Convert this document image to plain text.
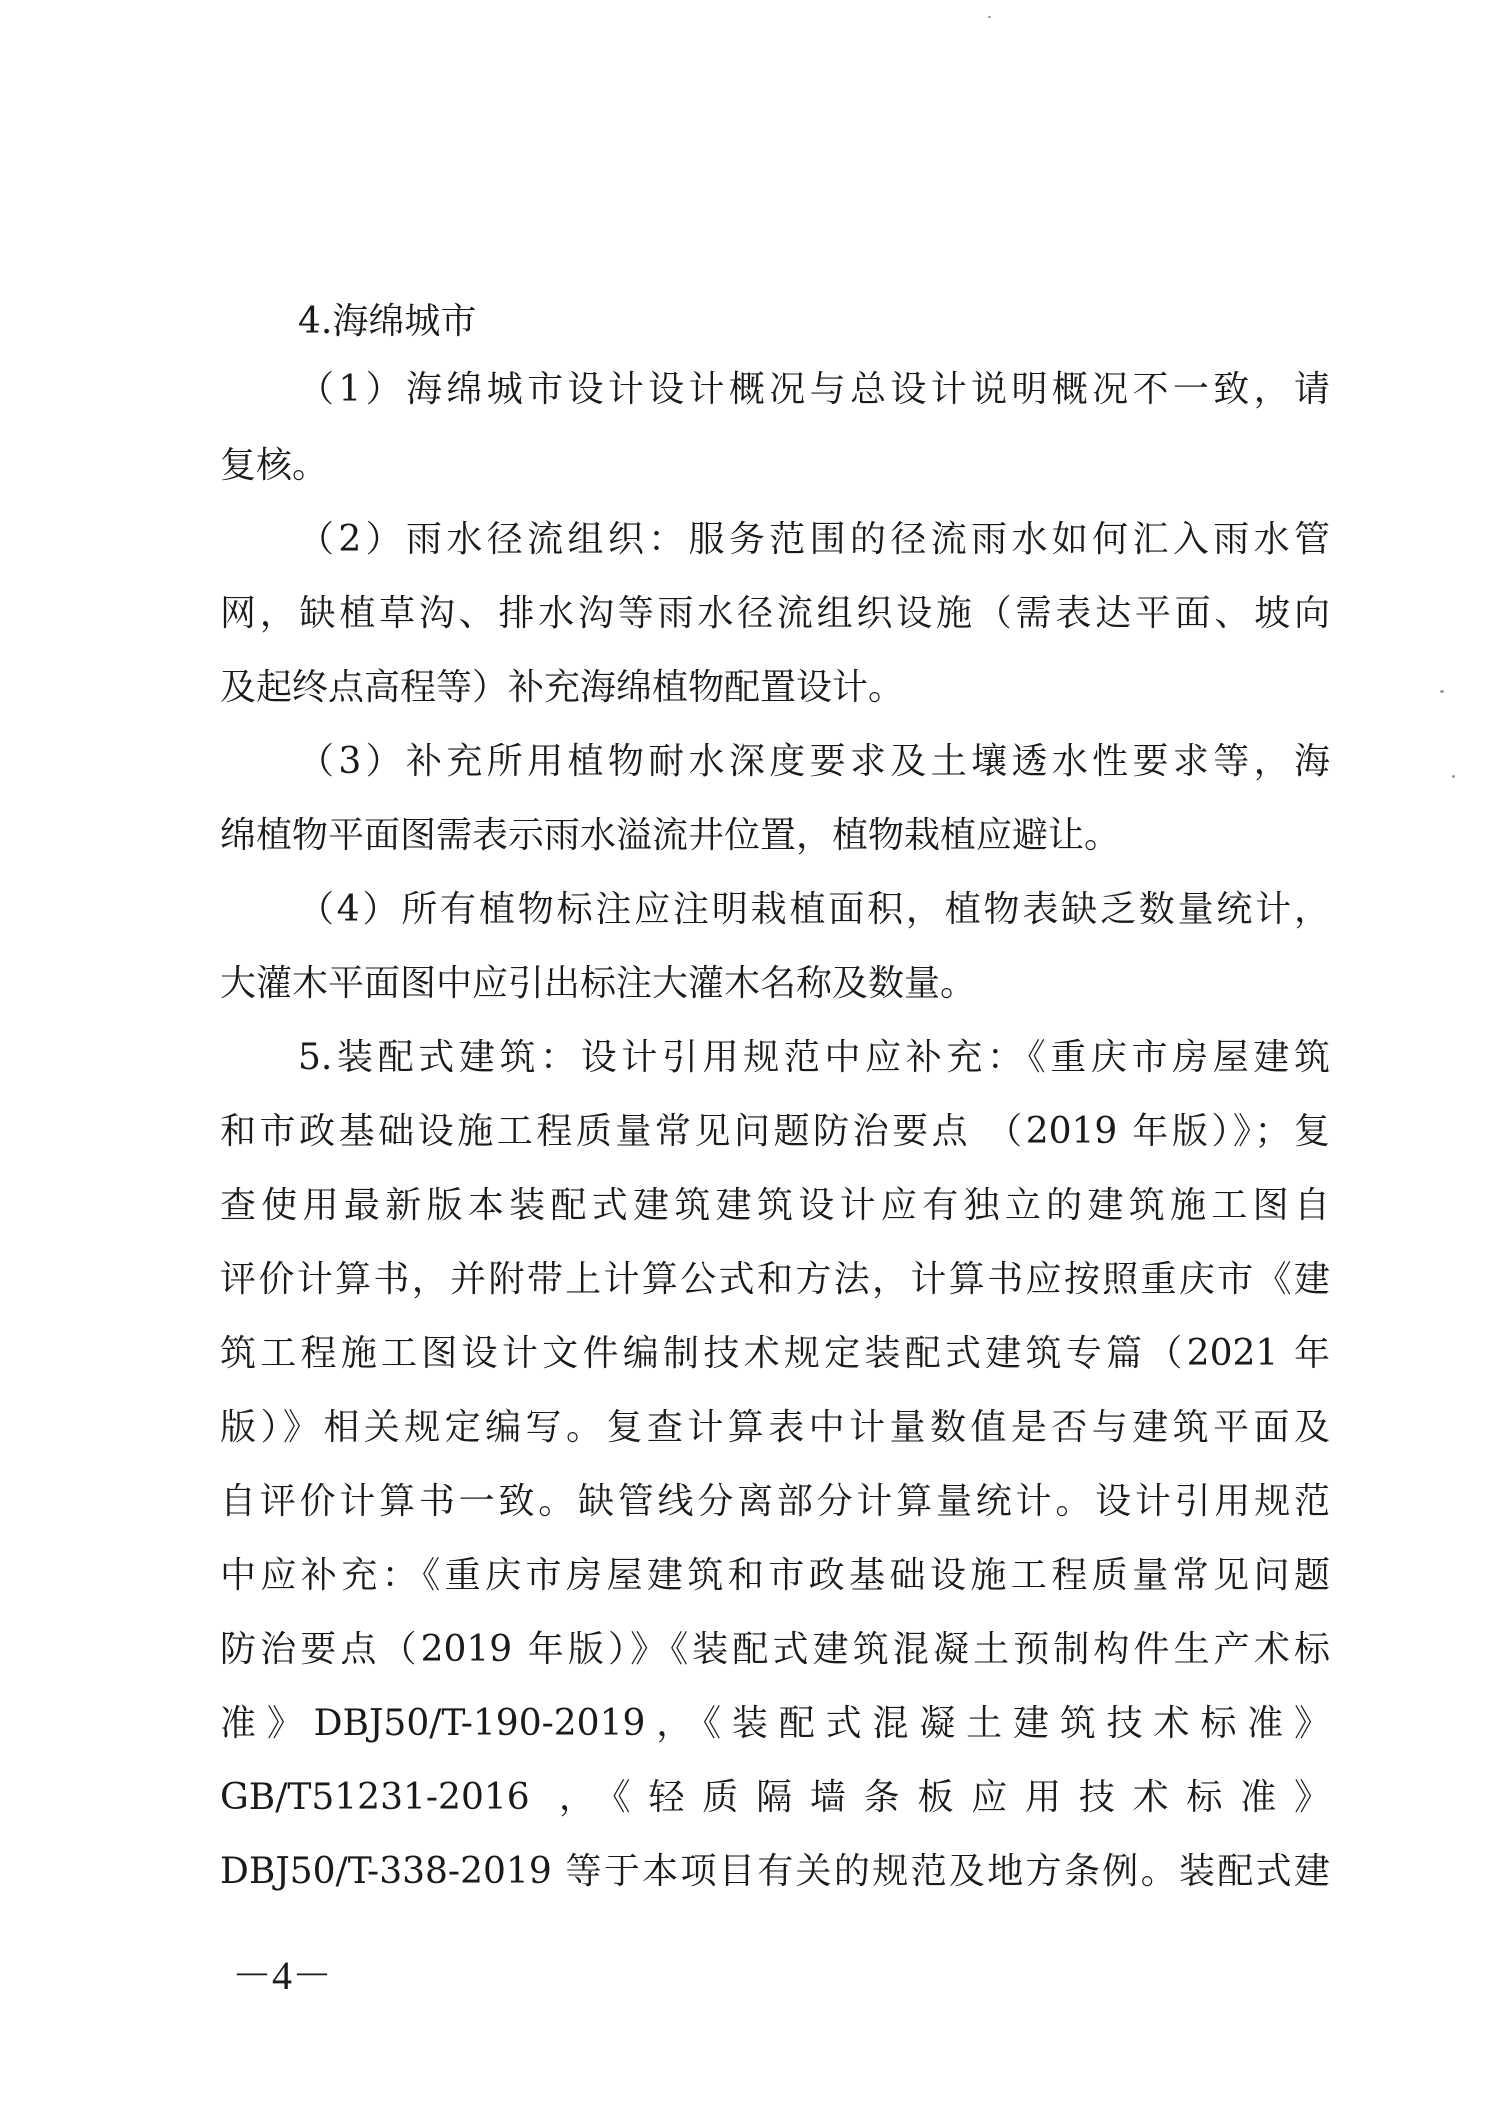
4.海绵城市
（1）海绵城市设计设计概况与总设计说明概况不一致，请
复核。
（2）雨水径流组织：服务范围的径流雨水如何汇入雨水管
网，缺植草沟、排水沟等雨水径流组织设施（需表达平面、坡向
及起终点高程等）补充海绵植物配置设计。
（3）补充所用植物耐水深度要求及土壤透水性要求等，海
绵植物平面图需表示雨水溢流井位置，植物栽植应避让。
（4）所有植物标注应注明栽植面积，植物表缺乏数量统计，
大灌木平面图中应引出标注大灌木名称及数量。
5.装配式建筑：设计引用规范中应补充：《重庆市房屋建筑
和市政基础设施工程质量常见问题防治要点 （2019 年版）》；复
查使用最新版本装配式建筑建筑设计应有独立的建筑施工图自
评价计算书，并附带上计算公式和方法，计算书应按照重庆市《建
筑工程施工图设计文件编制技术规定装配式建筑专篇（2021 年
版）》相关规定编写。复查计算表中计量数值是否与建筑平面及
自评价计算书一致。缺管线分离部分计算量统计。设计引用规范
中应补充：《重庆市房屋建筑和市政基础设施工程质量常见问题
防治要点（2019 年版）》《装配式建筑混凝土预制构件生产术标
准》DBJ50/T-190-2019，《装配式混凝土建筑技术标准》
GB/T51231-2016 ，《轻质隔墙条板应用技术标准》
DBJ50/T-338-2019 等于本项目有关的规范及地方条例。装配式建
－4－
